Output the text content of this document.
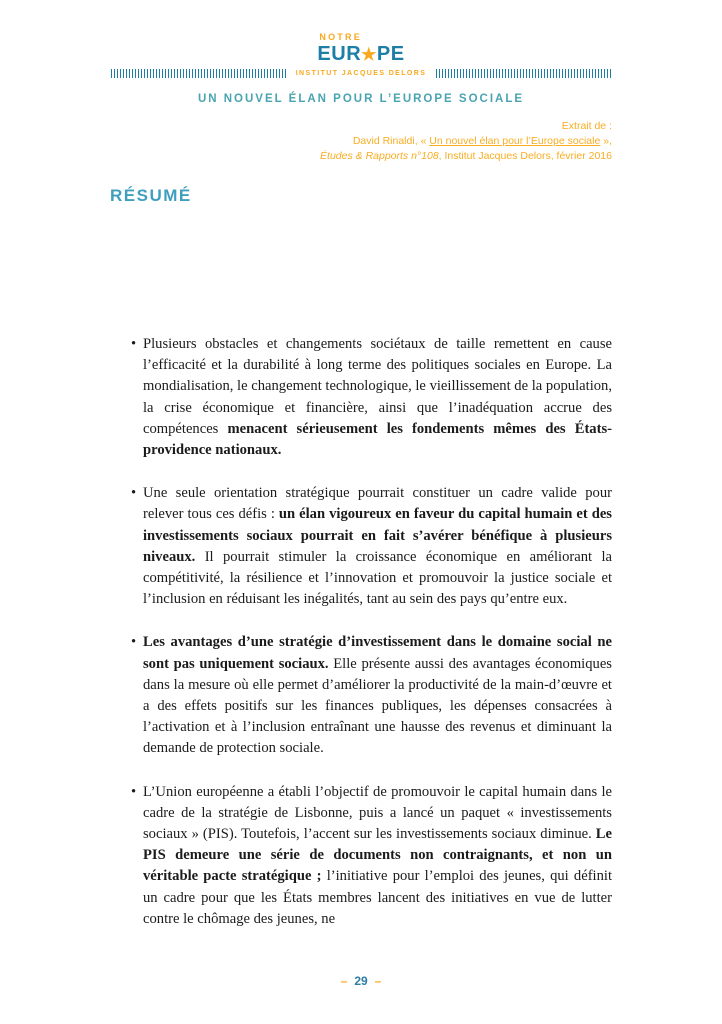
NOTRE
EUR★PE
INSTITUT JACQUES DELORS
UN NOUVEL ÉLAN POUR L’EUROPE SOCIALE
Extrait de :
David Rinaldi, « Un nouvel élan pour l’Europe sociale »,
Études & Rapports n°108, Institut Jacques Delors, février 2016
RÉSUMÉ
• Plusieurs obstacles et changements sociétaux de taille remettent en cause l’efficacité et la durabilité à long terme des politiques sociales en Europe. La mondialisation, le changement technologique, le vieillissement de la population, la crise économique et financière, ainsi que l’inadéquation accrue des compétences menacent sérieusement les fondements mêmes des États-providence nationaux.
• Une seule orientation stratégique pourrait constituer un cadre valide pour relever tous ces défis : un élan vigoureux en faveur du capital humain et des investissements sociaux pourrait en fait s’avérer bénéfique à plusieurs niveaux. Il pourrait stimuler la croissance économique en améliorant la compétitivité, la résilience et l’innovation et promouvoir la justice sociale et l’inclusion en réduisant les inégalités, tant au sein des pays qu’entre eux.
• Les avantages d’une stratégie d’investissement dans le domaine social ne sont pas uniquement sociaux. Elle présente aussi des avantages économiques dans la mesure où elle permet d’améliorer la productivité de la main-d’œuvre et a des effets positifs sur les finances publiques, les dépenses consacrées à l’activation et à l’inclusion entraînant une hausse des revenus et diminuant la demande de protection sociale.
• L’Union européenne a établi l’objectif de promouvoir le capital humain dans le cadre de la stratégie de Lisbonne, puis a lancé un paquet « investissements sociaux » (PIS). Toutefois, l’accent sur les investissements sociaux diminue. Le PIS demeure une série de documents non contraignants, et non un véritable pacte stratégique ; l’initiative pour l’emploi des jeunes, qui définit un cadre pour que les États membres lancent des initiatives en vue de lutter contre le chômage des jeunes, ne
– 29 –
